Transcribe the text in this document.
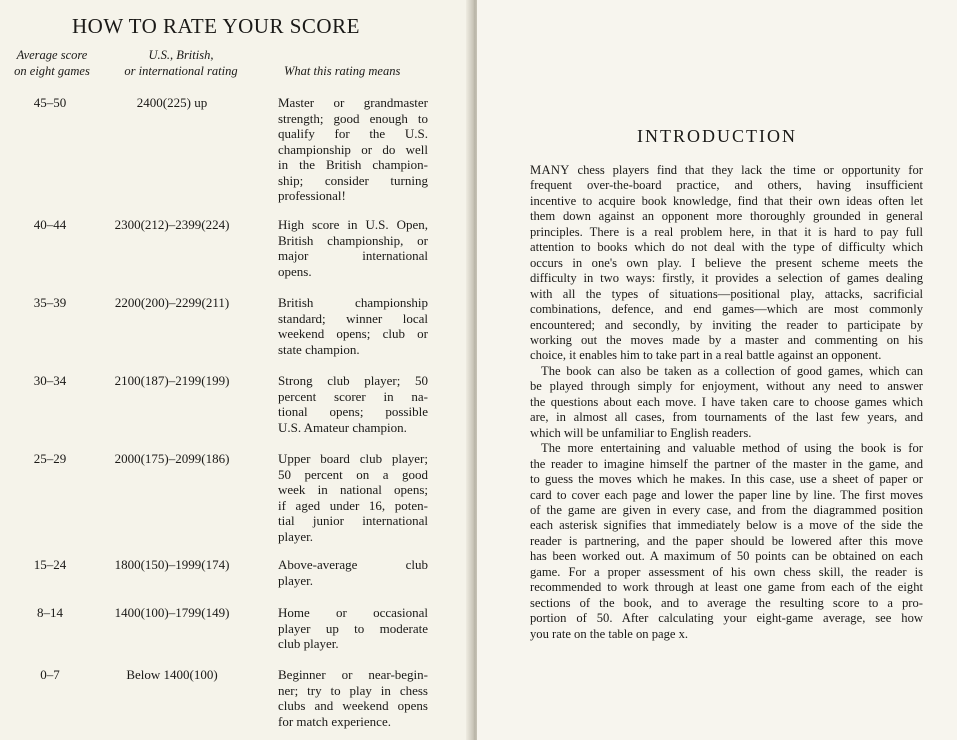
HOW TO RATE YOUR SCORE
Average score
on eight games
U.S., British,
or international rating	What this rating means
45–50	2400(225) up	Master or grandmaster
strength; good enough to
qualify for the U.S.
championship or do well
in the British champion-
ship; consider turning
professional!
40–44	2300(212)–2399(224)	High score in U.S. Open,
British championship, or
major international
opens.
35–39	2200(200)–2299(211)	British championship
standard; winner local
weekend opens; club or
state champion.
30–34	2100(187)–2199(199)	Strong club player; 50
percent scorer in na-
tional opens; possible
U.S. Amateur champion.
25–29	2000(175)–2099(186)	Upper board club player;
50 percent on a good
week in national opens;
if aged under 16, poten-
tial junior international
player.
15–24	1800(150)–1999(174)	Above-average club
player.
8–14	1400(100)–1799(149)	Home or occasional
player up to moderate
club player.
0–7	Below 1400(100)	Beginner or near-begin-
ner; try to play in chess
clubs and weekend opens
for match experience.
INTRODUCTION
MANY chess players find that they lack the time or opportunity for
frequent over-the-board practice, and others, having insufficient
incentive to acquire book knowledge, find that their own ideas often let
them down against an opponent more thoroughly grounded in general
principles. There is a real problem here, in that it is hard to pay full
attention to books which do not deal with the type of difficulty which
occurs in one's own play. I believe the present scheme meets the
difficulty in two ways: firstly, it provides a selection of games dealing
with all the types of situations—positional play, attacks, sacrificial
combinations, defence, and end games—which are most commonly
encountered; and secondly, by inviting the reader to participate by
working out the moves made by a master and commenting on his
choice, it enables him to take part in a real battle against an opponent.
The book can also be taken as a collection of good games, which can
be played through simply for enjoyment, without any need to answer
the questions about each move. I have taken care to choose games which
are, in almost all cases, from tournaments of the last few years, and
which will be unfamiliar to English readers.
The more entertaining and valuable method of using the book is for
the reader to imagine himself the partner of the master in the game, and
to guess the moves which he makes. In this case, use a sheet of paper or
card to cover each page and lower the paper line by line. The first moves
of the game are given in every case, and from the diagrammed position
each asterisk signifies that immediately below is a move of the side the
reader is partnering, and the paper should be lowered after this move
has been worked out. A maximum of 50 points can be obtained on each
game. For a proper assessment of his own chess skill, the reader is
recommended to work through at least one game from each of the eight
sections of the book, and to average the resulting score to a pro-
portion of 50. After calculating your eight-game average, see how
you rate on the table on page x.
